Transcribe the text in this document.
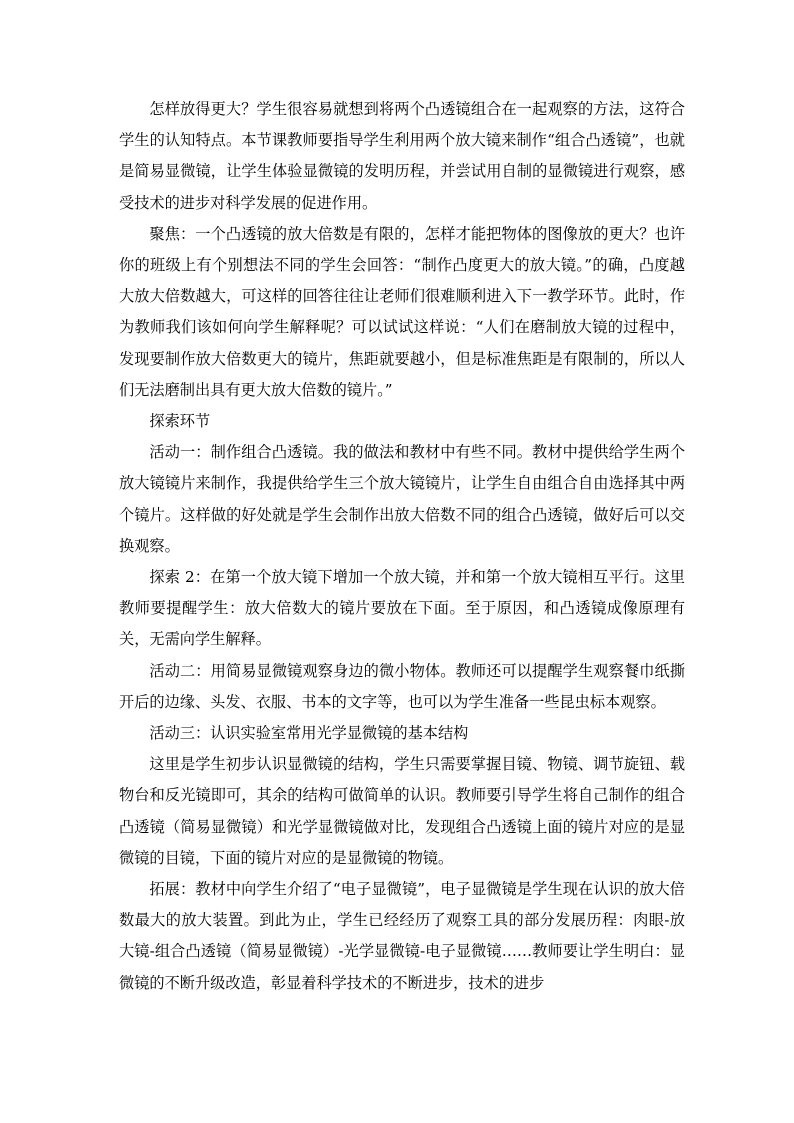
怎样放得更大？学生很容易就想到将两个凸透镜组合在一起观察的方法，这符合学生的认知特点。本节课教师要指导学生利用两个放大镜来制作“组合凸透镜”，也就是简易显微镜，让学生体验显微镜的发明历程，并尝试用自制的显微镜进行观察，感受技术的进步对科学发展的促进作用。

聚焦：一个凸透镜的放大倍数是有限的，怎样才能把物体的图像放的更大？也许你的班级上有个别想法不同的学生会回答：“制作凸度更大的放大镜。”的确，凸度越大放大倍数越大，可这样的回答往往让老师们很难顺利进入下一教学环节。此时，作为教师我们该如何向学生解释呢？可以试试这样说：“人们在磨制放大镜的过程中，发现要制作放大倍数更大的镜片，焦距就要越小，但是标准焦距是有限制的，所以人们无法磨制出具有更大放大倍数的镜片。”

探索环节

活动一：制作组合凸透镜。我的做法和教材中有些不同。教材中提供给学生两个放大镜镜片来制作，我提供给学生三个放大镜镜片，让学生自由组合自由选择其中两个镜片。这样做的好处就是学生会制作出放大倍数不同的组合凸透镜，做好后可以交换观察。

探索 2：在第一个放大镜下增加一个放大镜，并和第一个放大镜相互平行。这里教师要提醒学生：放大倍数大的镜片要放在下面。至于原因，和凸透镜成像原理有关，无需向学生解释。

活动二：用简易显微镜观察身边的微小物体。教师还可以提醒学生观察餐巾纸撕开后的边缘、头发、衣服、书本的文字等，也可以为学生准备一些昆虫标本观察。

活动三：认识实验室常用光学显微镜的基本结构

这里是学生初步认识显微镜的结构，学生只需要掌握目镜、物镜、调节旋钮、载物台和反光镜即可，其余的结构可做简单的认识。教师要引导学生将自己制作的组合凸透镜（简易显微镜）和光学显微镜做对比，发现组合凸透镜上面的镜片对应的是显微镜的目镜，下面的镜片对应的是显微镜的物镜。

拓展：教材中向学生介绍了“电子显微镜”，电子显微镜是学生现在认识的放大倍数最大的放大装置。到此为止，学生已经经历了观察工具的部分发展历程：肉眼-放大镜-组合凸透镜（简易显微镜）-光学显微镜-电子显微镜……教师要让学生明白：显微镜的不断升级改造，彰显着科学技术的不断进步，技术的进步
